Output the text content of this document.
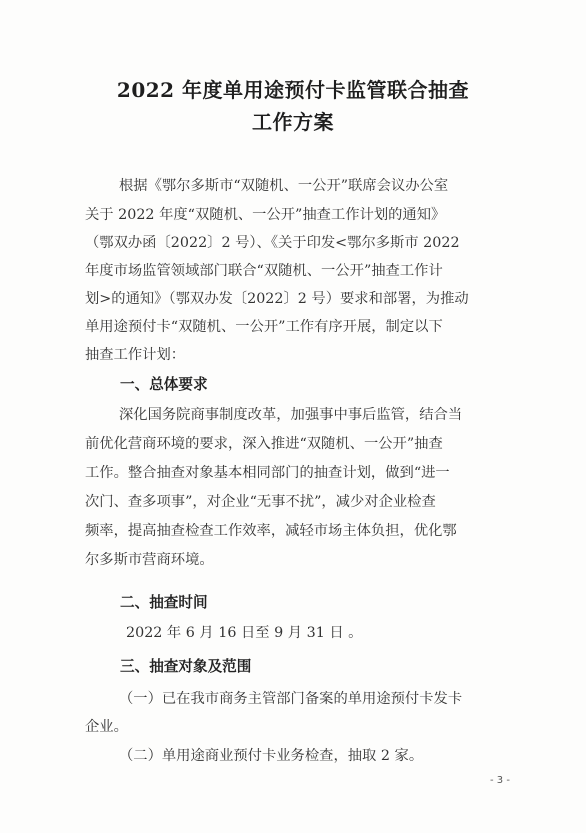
2022 年度单用途预付卡监管联合抽查
工作方案
根据《鄂尔多斯市“双随机、一公开”联席会议办公室
关于 2022 年度“双随机、一公开”抽查工作计划的通知》
（鄂双办函〔2022〕2 号）、《关于印发<鄂尔多斯市 2022
年度市场监管领域部门联合“双随机、一公开”抽查工作计
划>的通知》（鄂双办发〔2022〕2 号）要求和部署，为推动
单用途预付卡“双随机、一公开”工作有序开展，制定以下
抽查工作计划：
一、总体要求
深化国务院商事制度改革，加强事中事后监管，结合当
前优化营商环境的要求，深入推进“双随机、一公开”抽查
工作。整合抽查对象基本相同部门的抽查计划，做到“进一
次门、查多项事”，对企业“无事不扰”，减少对企业检查
频率，提高抽查检查工作效率，减轻市场主体负担，优化鄂
尔多斯市营商环境。
二、抽查时间
2022 年 6 月 16 日至 9 月 31 日 。
三、抽查对象及范围
（一）已在我市商务主管部门备案的单用途预付卡发卡
企业。
（二）单用途商业预付卡业务检查，抽取 2 家。
- 3 -
